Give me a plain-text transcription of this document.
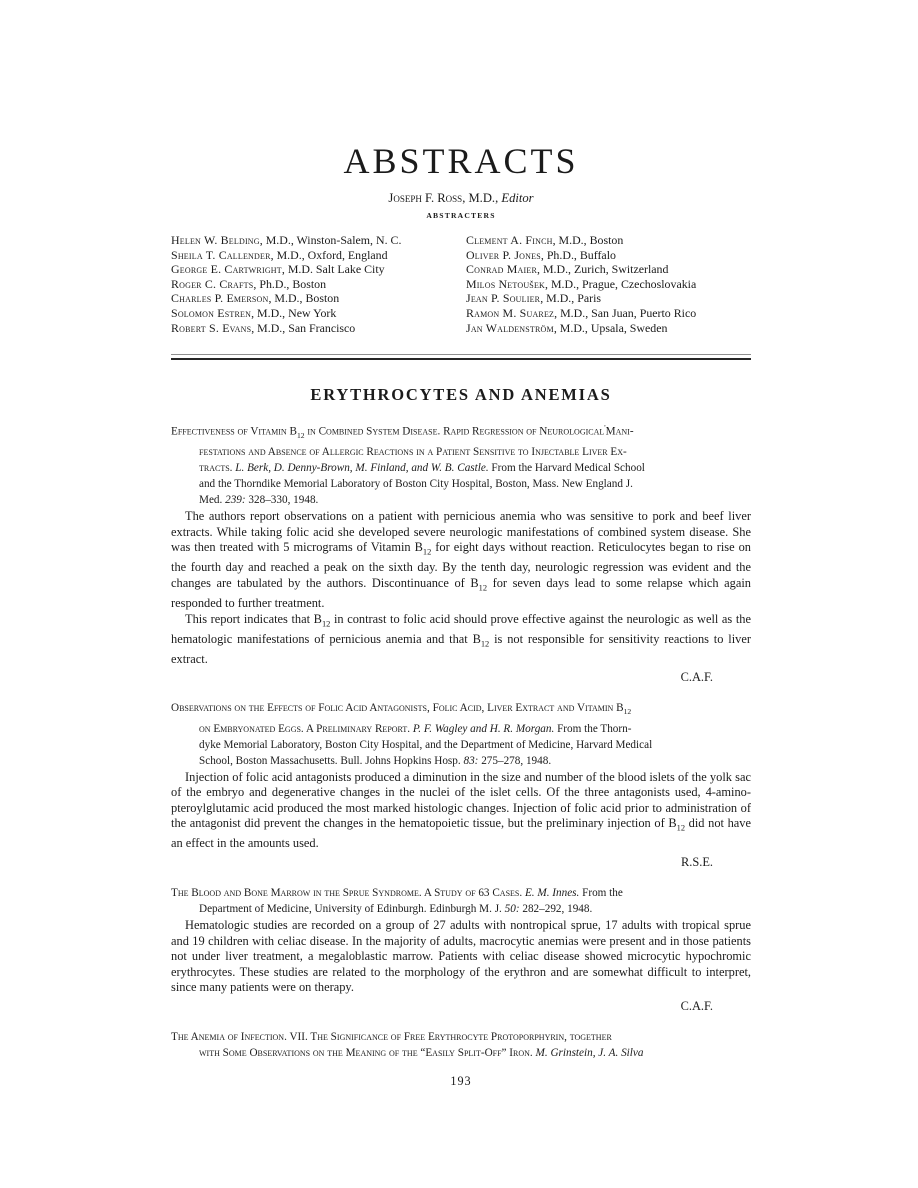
ABSTRACTS
Joseph F. Ross, M.D., Editor
ABSTRACTERS
Helen W. Belding, M.D., Winston-Salem, N. C.
Sheila T. Callender, M.D., Oxford, England
George E. Cartwright, M.D. Salt Lake City
Roger C. Crafts, Ph.D., Boston
Charles P. Emerson, M.D., Boston
Solomon Estren, M.D., New York
Robert S. Evans, M.D., San Francisco
Clement A. Finch, M.D., Boston
Oliver P. Jones, Ph.D., Buffalo
Conrad Maier, M.D., Zurich, Switzerland
Milos Netoušek, M.D., Prague, Czechoslovakia
Jean P. Soulier, M.D., Paris
Ramon M. Suarez, M.D., San Juan, Puerto Rico
Jan Waldenström, M.D., Upsala, Sweden
ERYTHROCYTES AND ANEMIAS
Effectiveness of Vitamin $B_{12}$ in Combined System Disease. Rapid Regression of Neurological'Mani-
festations and Absence of Allergic Reactions in a Patient Sensitive to Injectable Liver Ex-
tracts. L. Berk, D. Denny-Brown, M. Finland, and W. B. Castle. From the Harvard Medical School
and the Thorndike Memorial Laboratory of Boston City Hospital, Boston, Mass. New England J.
Med. 239: 328–330, 1948.

The authors report observations on a patient with pernicious anemia who was sensitive to pork and beef liver extracts. While taking folic acid she developed severe neurologic manifestations of combined system disease. She was then treated with 5 micrograms of Vitamin $B_{12}$ for eight days without reaction. Reticulocytes began to rise on the fourth day and reached a peak on the sixth day. By the tenth day, neurologic regression was evident and the changes are tabulated by the authors. Discontinuance of $B_{12}$ for seven days lead to some relapse which again responded to further treatment.

This report indicates that $B_{12}$ in contrast to folic acid should prove effective against the neurologic as well as the hematologic manifestations of pernicious anemia and that $B_{12}$ is not responsible for sensitivity reactions to liver extract.

C.A.F.
Observations on the Effects of Folic Acid Antagonists, Folic Acid, Liver Extract and Vitamin $B_{12}$
on Embryonated Eggs. A Preliminary Report. P. F. Wagley and H. R. Morgan. From the Thorn-
dyke Memorial Laboratory, Boston City Hospital, and the Department of Medicine, Harvard Medical
School, Boston Massachusetts. Bull. Johns Hopkins Hosp. 83: 275–278, 1948.

Injection of folic acid antagonists produced a diminution in the size and number of the blood islets of the yolk sac of the embryo and degenerative changes in the nuclei of the islet cells. Of the three antagonists used, 4-amino-pteroylglutamic acid produced the most marked histologic changes. Injection of folic acid prior to administration of the antagonist did prevent the changes in the hematopoietic tissue, but the preliminary injection of $B_{12}$ did not have an effect in the amounts used.

R.S.E.
The Blood and Bone Marrow in the Sprue Syndrome. A Study of 63 Cases. E. M. Innes. From the
Department of Medicine, University of Edinburgh. Edinburgh M. J. 50: 282–292, 1948.

Hematologic studies are recorded on a group of 27 adults with nontropical sprue, 17 adults with tropical sprue and 19 children with celiac disease. In the majority of adults, macrocytic anemias were present and in those patients not under liver treatment, a megaloblastic marrow. Patients with celiac disease showed microcytic hypochromic erythrocytes. These studies are related to the morphology of the erythron and are somewhat difficult to interpret, since many patients were on therapy.

C.A.F.
The Anemia of Infection. VII. The Significance of Free Erythrocyte Protoporphyrin, together
with Some Observations on the Meaning of the “Easily Split-Off” Iron. M. Grinstein, J. A. Silva
193
